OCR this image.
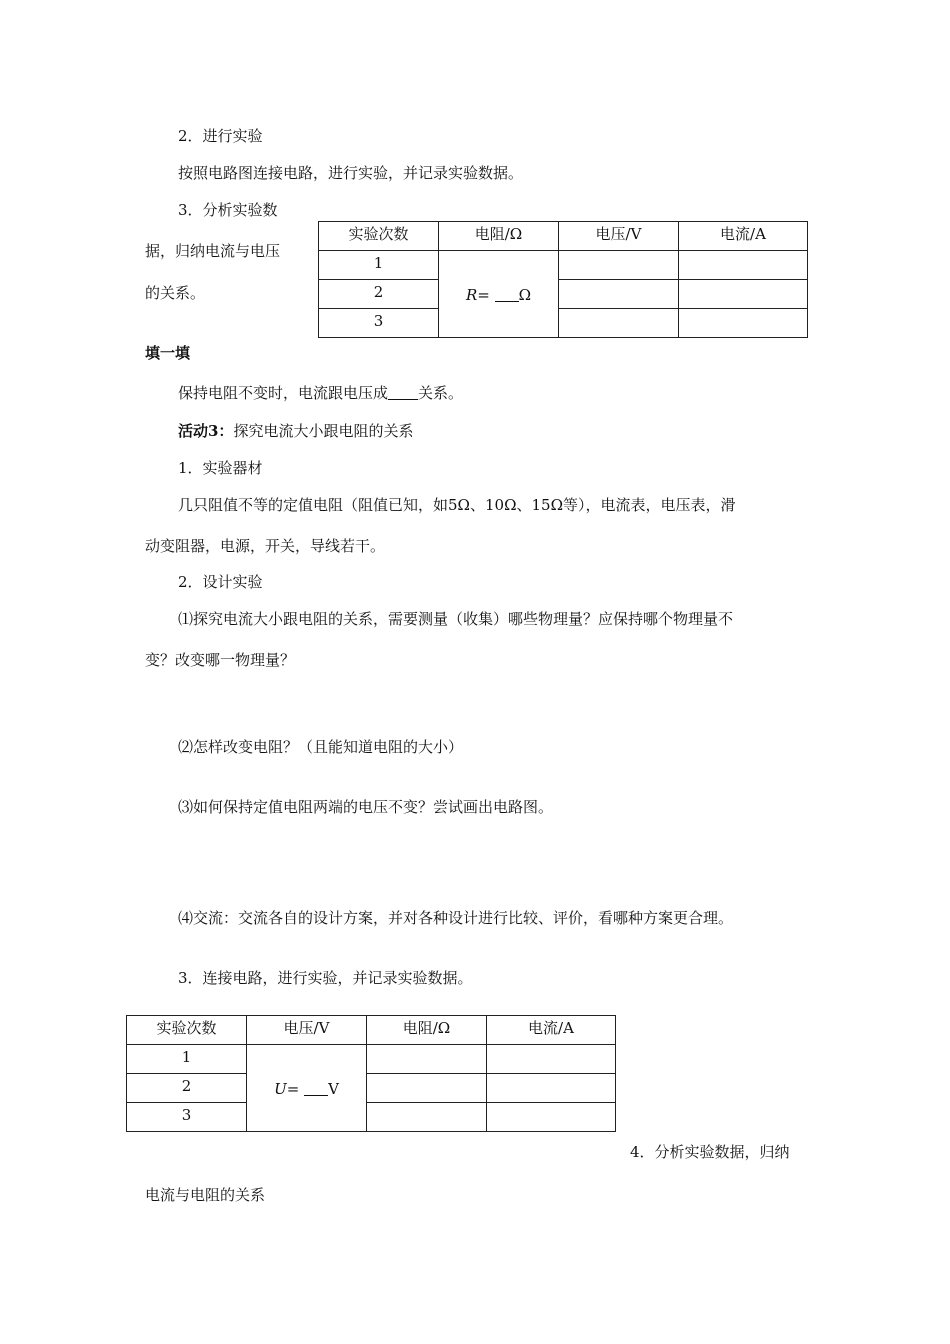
2．进行实验
按照电路图连接电路，进行实验，并记录实验数据。
3．分析实验数
据，归纳电流与电压
的关系。
实验次数	电阻/Ω	电压/V	电流/A
1	R= Ω		
2			
3			
填一填
保持电阻不变时，电流跟电压成 关系。
活动3：探究电流大小跟电阻的关系
1．实验器材
几只阻值不等的定值电阻（阻值已知，如5Ω、10Ω、15Ω等），电流表，电压表，滑
动变阻器，电源，开关，导线若干。
2．设计实验
⑴探究电流大小跟电阻的关系，需要测量（收集）哪些物理量？应保持哪个物理量不
变？改变哪一物理量？
⑵怎样改变电阻？（且能知道电阻的大小）
⑶如何保持定值电阻两端的电压不变？尝试画出电路图。
⑷交流：交流各自的设计方案，并对各种设计进行比较、评价，看哪种方案更合理。
3．连接电路，进行实验，并记录实验数据。
实验次数	电压/V	电阻/Ω	电流/A
1	U= V		
2			
3			
4．分析实验数据，归纳
电流与电阻的关系
